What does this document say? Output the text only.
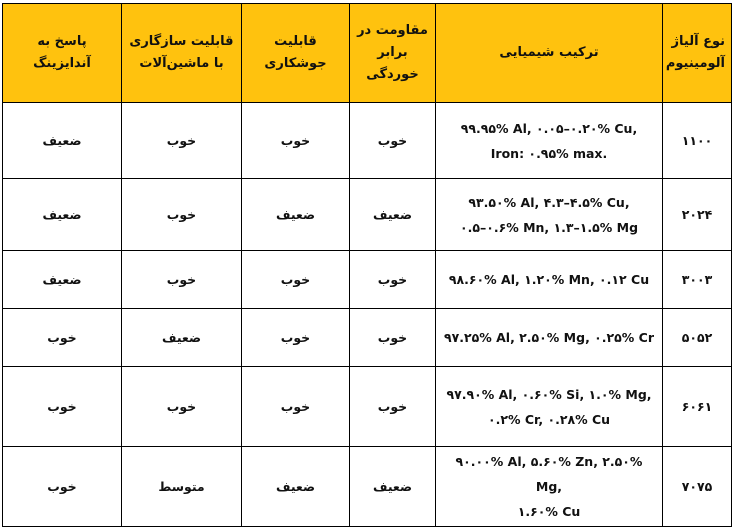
نوع آلیاژ آلومینیوم	ترکیب شیمیایی	مقاومت در برابر خوردگی	قابلیت جوشکاری	قابلیت سازگاری با ماشین‌آلات	پاسخ به آندایزینگ
۱۱۰۰	۹۹.۹۵% Al, ۰.۰۵–۰.۲۰% Cu,
Iron: ۰.۹۵% max.	خوب	خوب	خوب	ضعیف
۲۰۲۴	۹۳.۵۰% Al, ۴.۳–۴.۵% Cu,
۰.۵–۰.۶% Mn, ۱.۳–۱.۵% Mg	ضعیف	ضعیف	خوب	ضعیف
۳۰۰۳	۹۸.۶۰% Al, ۱.۲۰% Mn, ۰.۱۲ Cu	خوب	خوب	خوب	ضعیف
۵۰۵۲	۹۷.۲۵% Al, ۲.۵۰% Mg, ۰.۲۵% Cr	خوب	خوب	ضعیف	خوب
۶۰۶۱	۹۷.۹۰% Al, ۰.۶۰% Si, ۱.۰% Mg,
۰.۲% Cr, ۰.۲۸% Cu	خوب	خوب	خوب	خوب
۷۰۷۵	۹۰.۰۰% Al, ۵.۶۰% Zn, ۲.۵۰% Mg,
۱.۶۰% Cu	ضعیف	ضعیف	متوسط	خوب
